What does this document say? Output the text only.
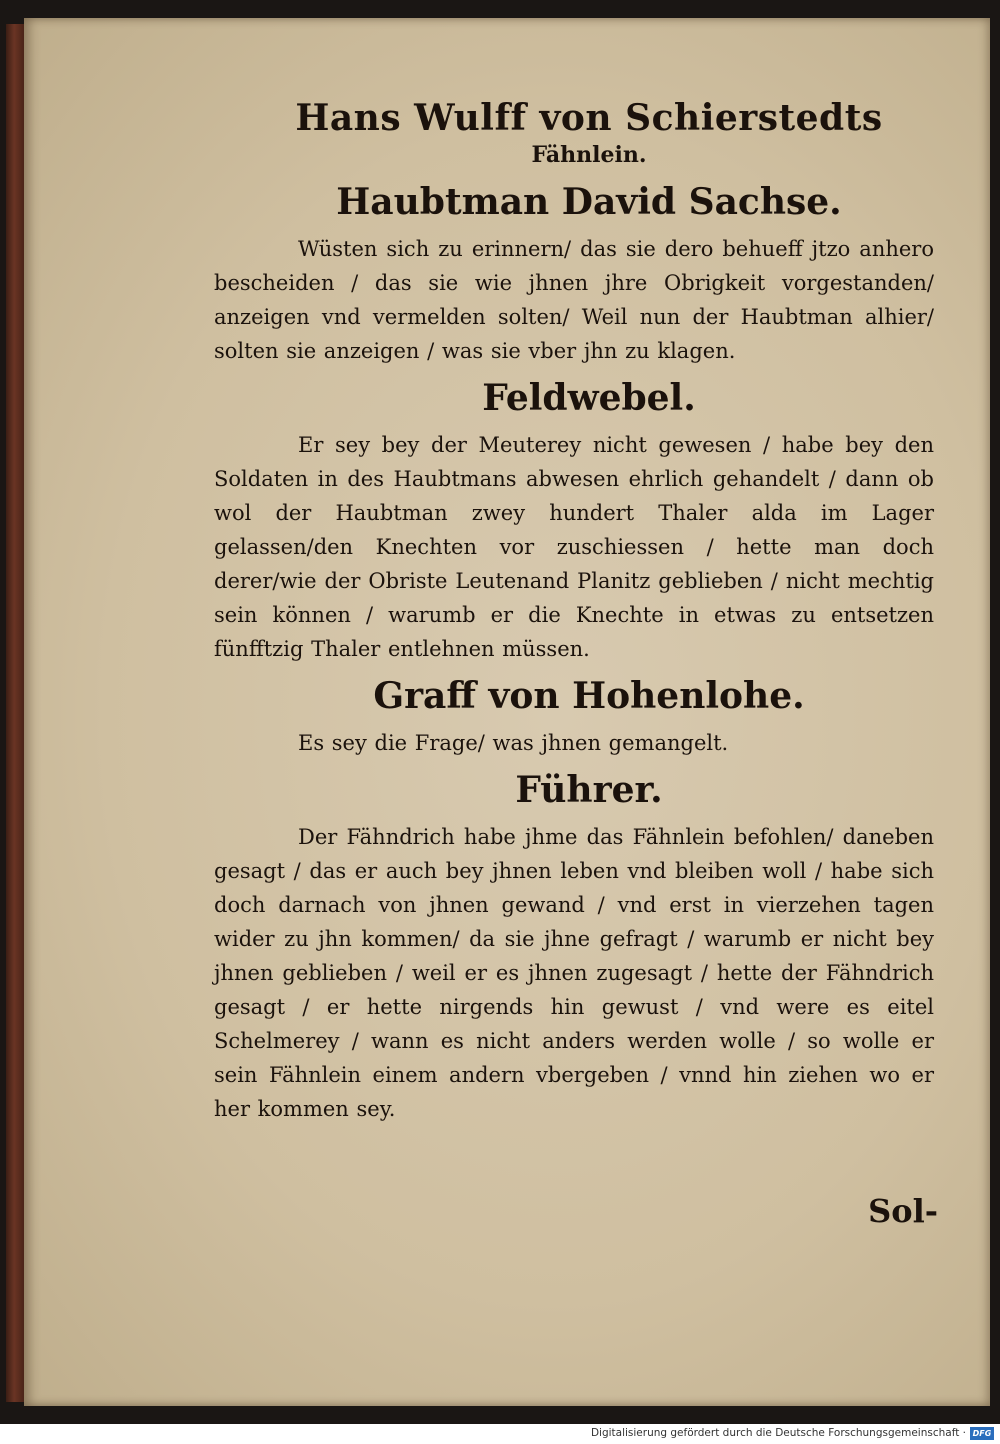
Hans Wulff von Schierstedts
Fähnlein.
Haubtman David Sachse.

Wüsten sich zu erinnern/ das sie dero behueff jtzo anhero bescheiden / das sie wie jhnen jhre Obrigkeit vorgestanden/ anzeigen vnd vermelden solten/ Weil nun der Haubtman alhier/ solten sie anzeigen / was sie vber jhn zu klagen.

Feldwebel.

Er sey bey der Meuterey nicht gewesen / habe bey den Soldaten in des Haubtmans abwesen ehrlich gehandelt / dann ob wol der Haubtman zwey hundert Thaler alda im Lager gelassen/den Knechten vor zuschiessen / hette man doch derer/wie der Obriste Leutenand Planitz geblieben / nicht mechtig sein können / warumb er die Knechte in etwas zu entsetzen fünfftzig Thaler entlehnen müssen.

Graff von Hohenlohe.

Es sey die Frage/ was jhnen gemangelt.

Führer.

Der Fähndrich habe jhme das Fähnlein befohlen/ daneben gesagt / das er auch bey jhnen leben vnd bleiben woll / habe sich doch darnach von jhnen gewand / vnd erst in vierzehen tagen wider zu jhn kommen/ da sie jhne gefragt / warumb er nicht bey jhnen geblieben / weil er es jhnen zugesagt / hette der Fähndrich gesagt / er hette nirgends hin gewust / vnd were es eitel Schelmerey / wann es nicht anders werden wolle / so wolle er sein Fähnlein einem andern vbergeben / vnnd hin ziehen wo er her kommen sey.

Sol-
Digitalisierung gefördert durch die Deutsche Forschungsgemeinschaft · DFG
